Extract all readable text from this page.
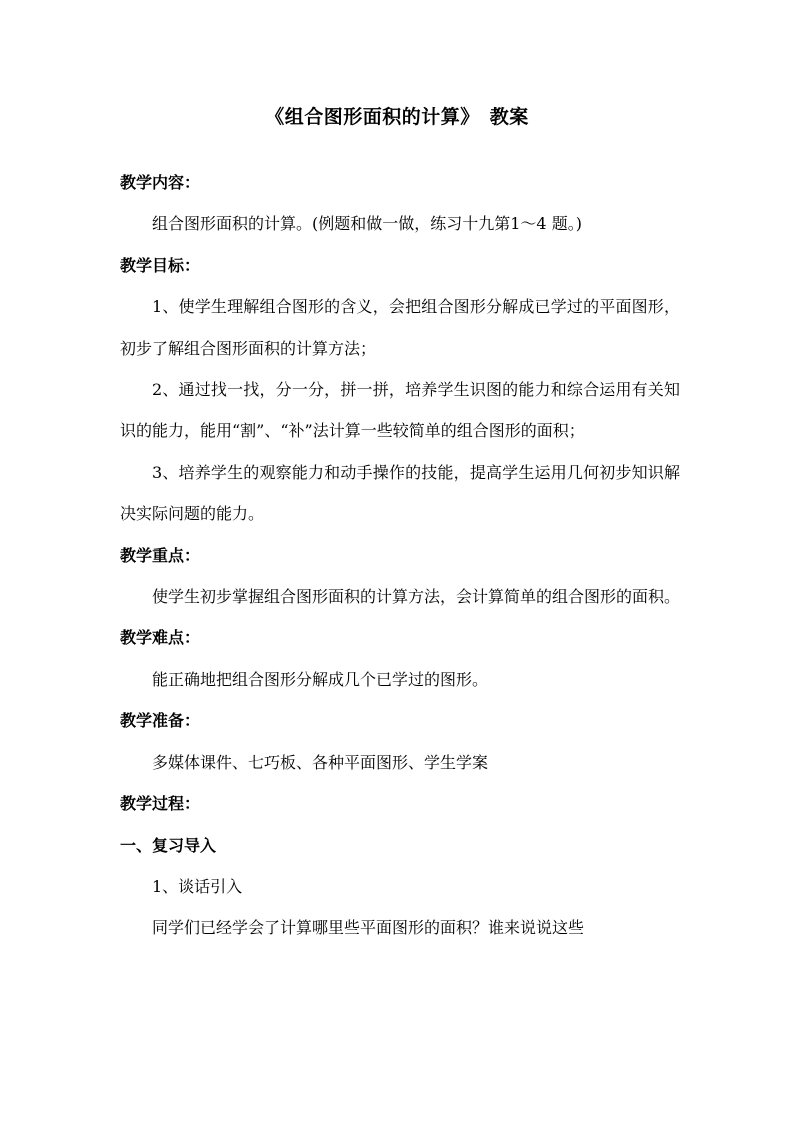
《组合图形面积的计算》　教案

教学内容：

组合图形面积的计算。(例题和做一做，练习十九第1～4 题。)

教学目标：

1、使学生理解组合图形的含义，会把组合图形分解成已学过的平面图形，初步了解组合图形面积的计算方法；

2、通过找一找，分一分，拼一拼，培养学生识图的能力和综合运用有关知识的能力，能用“割”、“补”法计算一些较简单的组合图形的面积；

3、培养学生的观察能力和动手操作的技能，提高学生运用几何初步知识解决实际问题的能力。

教学重点：

使学生初步掌握组合图形面积的计算方法，会计算简单的组合图形的面积。

教学难点：

能正确地把组合图形分解成几个已学过的图形。

教学准备：

多媒体课件、七巧板、各种平面图形、学生学案

教学过程：

一、复习导入

1、谈话引入

同学们已经学会了计算哪里些平面图形的面积？谁来说说这些
